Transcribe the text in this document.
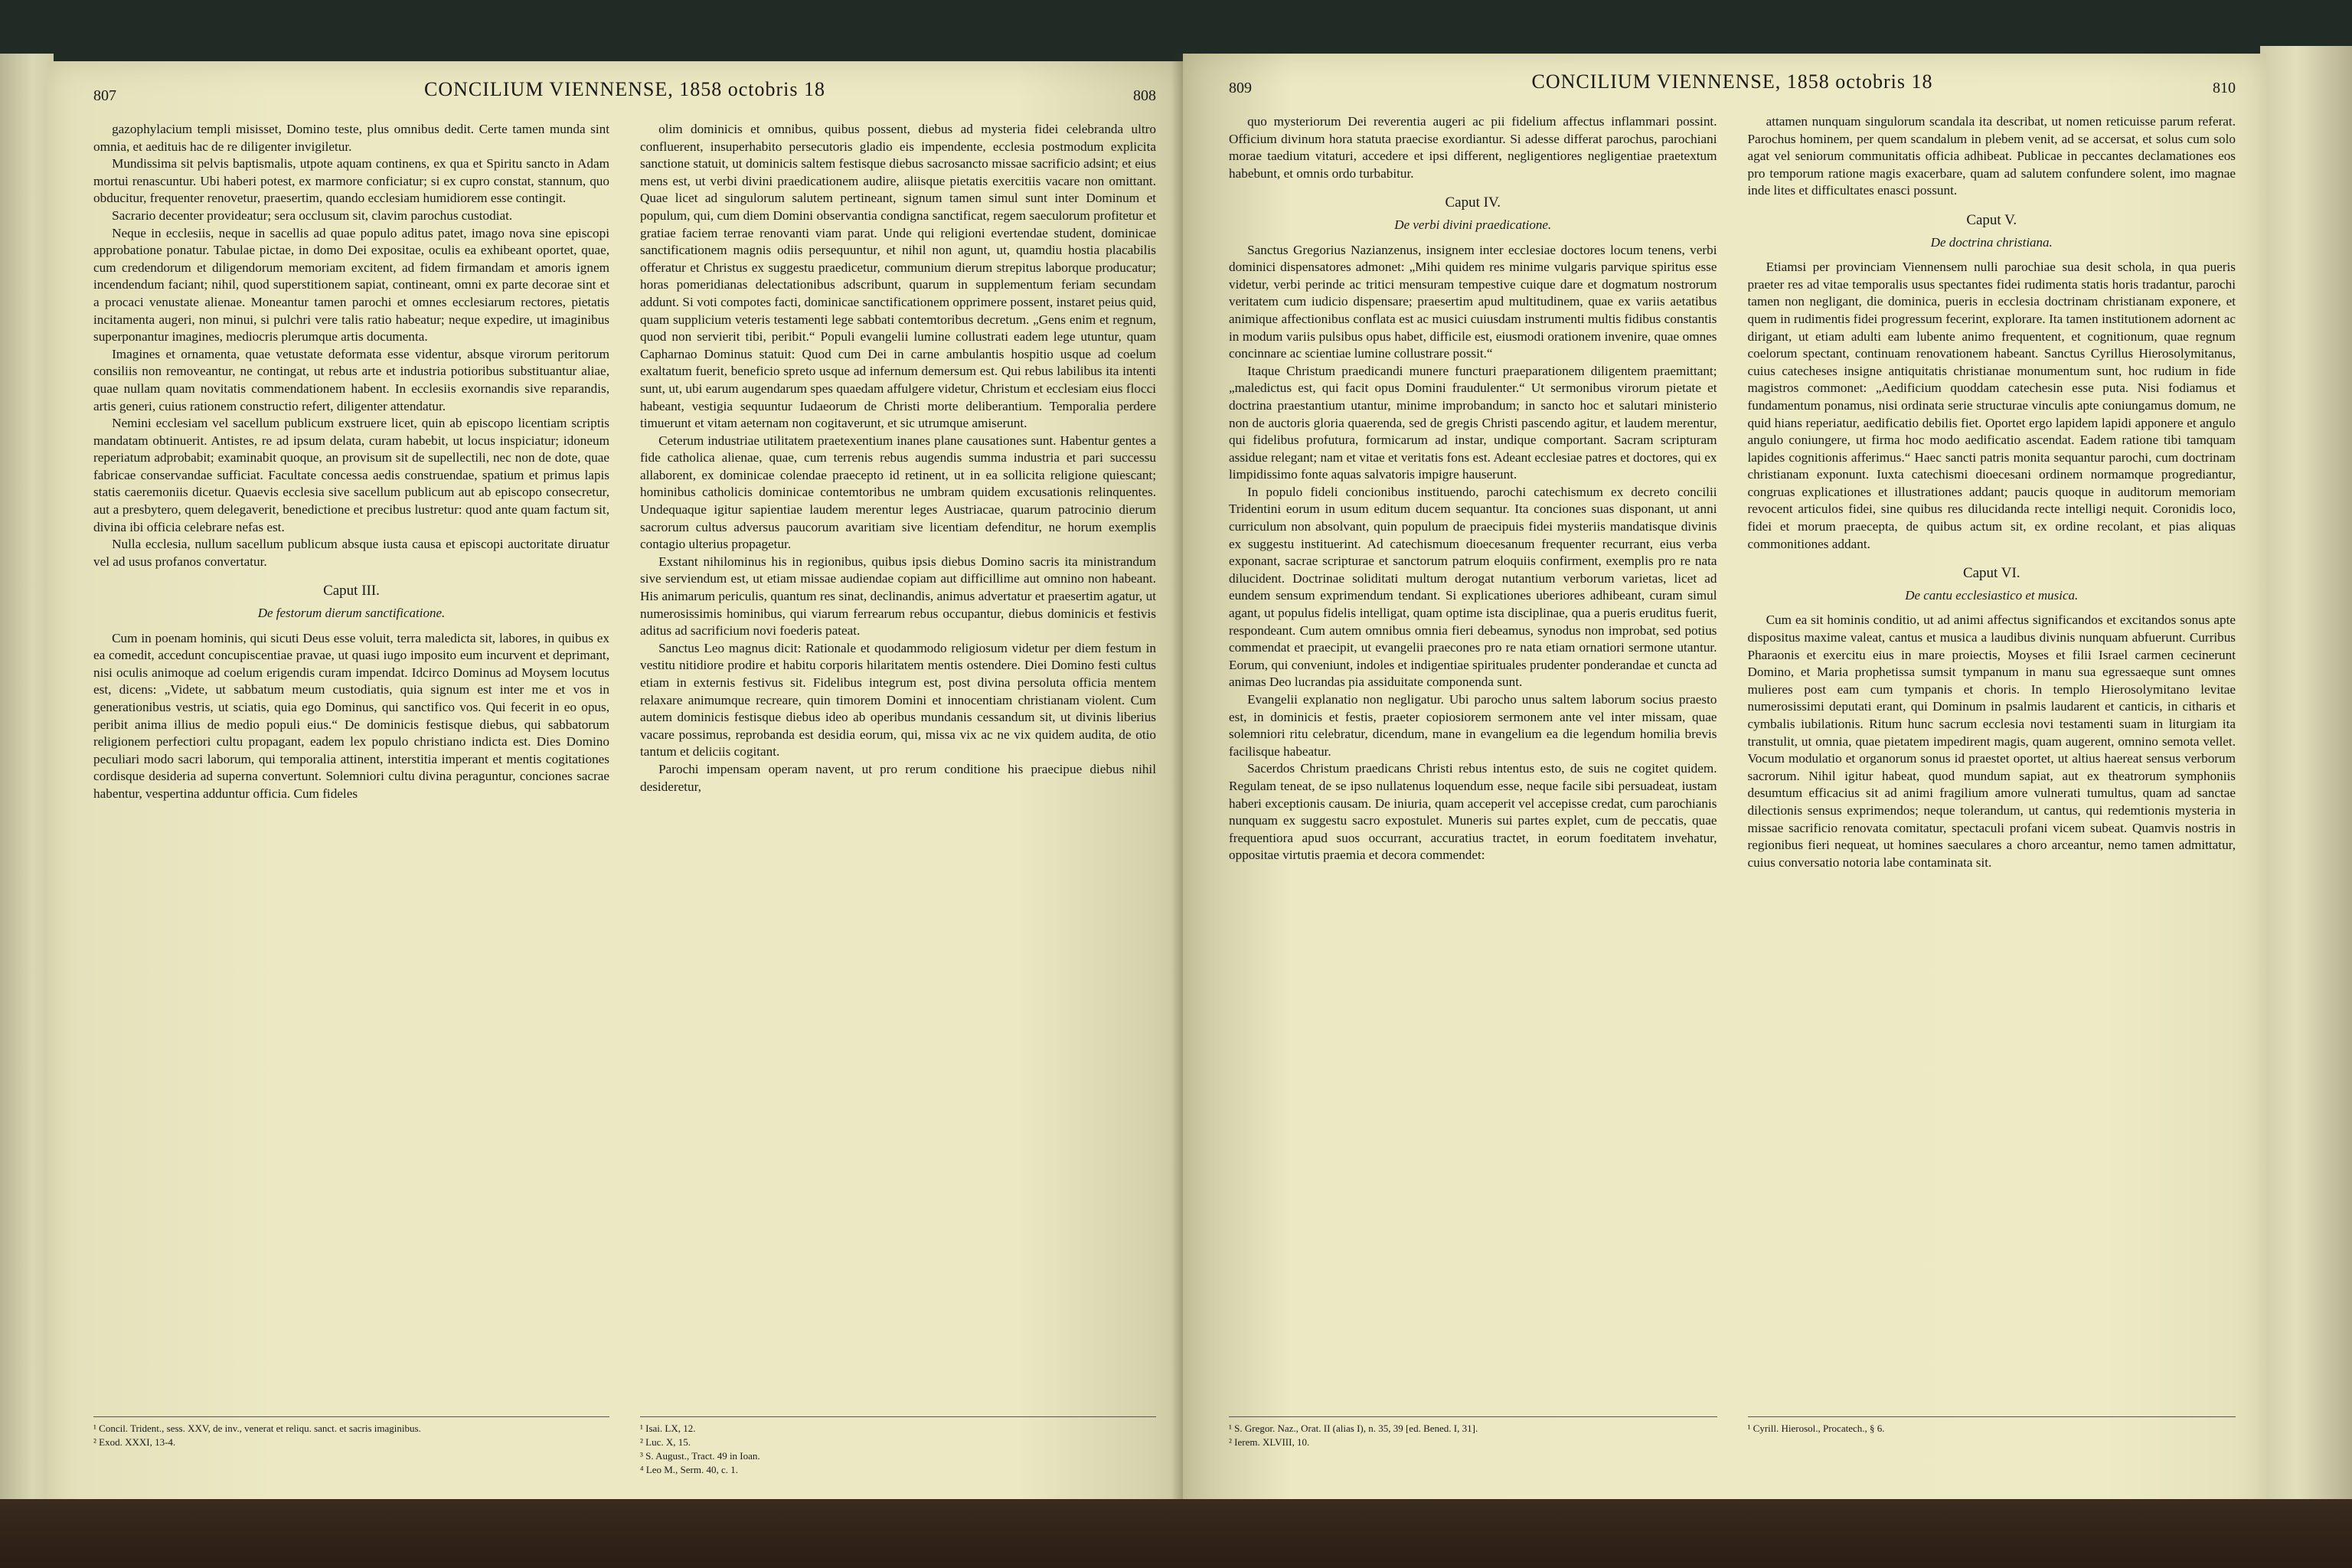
807	CONCILIUM VIENNENSE, 1858 octobris 18	808

gazophylacium templi misisset, Domino teste, plus omnibus dedit. Certe tamen munda sint omnia, et aedituis hac de re diligenter invigiletur.

Mundissima sit pelvis baptismalis, utpote aquam continens, ex qua et Spiritu sancto in Adam mortui renascuntur. Ubi haberi potest, ex marmore conficiatur; si ex cupro constat, stannum, quo obducitur, frequenter renovetur, praesertim, quando ecclesiam humidiorem esse contingit.

Sacrario decenter provideatur; sera occlusum sit, clavim parochus custodiat.

Neque in ecclesiis, neque in sacellis ad quae populo aditus patet, imago nova sine episcopi approbatione ponatur. Tabulae pictae, in domo Dei expositae, oculis ea exhibeant oportet, quae, cum credendorum et diligendorum memoriam excitent, ad fidem firmandam et amoris ignem incendendum faciant; nihil, quod superstitionem sapiat, contineant, omni ex parte decorae sint et a procaci venustate alienae. Moneantur tamen parochi et omnes ecclesiarum rectores, pietatis incitamenta augeri, non minui, si pulchri vere talis ratio habeatur; neque expedire, ut imaginibus superponantur imagines, mediocris plerumque artis documenta.

Imagines et ornamenta, quae vetustate deformata esse videntur, absque virorum peritorum consiliis non removeantur, ne contingat, ut rebus arte et industria potioribus substituantur aliae, quae nullam quam novitatis commendationem habent. In ecclesiis exornandis sive reparandis, artis generi, cuius rationem constructio refert, diligenter attendatur.

Nemini ecclesiam vel sacellum publicum exstruere licet, quin ab episcopo licentiam scriptis mandatam obtinuerit. Antistes, re ad ipsum delata, curam habebit, ut locus inspiciatur; idoneum reperiatum adprobabit; examinabit quoque, an provisum sit de supellectili, nec non de dote, quae fabricae conservandae sufficiat. Facultate concessa aedis construendae, spatium et primus lapis statis caeremoniis dicetur. Quaevis ecclesia sive sacellum publicum aut ab episcopo consecretur, aut a presbytero, quem delegaverit, benedictione et precibus lustretur: quod ante quam factum sit, divina ibi officia celebrare nefas est.

Nulla ecclesia, nullum sacellum publicum absque iusta causa et episcopi auctoritate diruatur vel ad usus profanos convertatur.

Caput III.
De festorum dierum sanctificatione.

Cum in poenam hominis, qui sicuti Deus esse voluit, terra maledicta sit, labores, in quibus ex ea comedit, accedunt concupiscentiae pravae, ut quasi iugo imposito eum incurvent et deprimant, nisi oculis animoque ad coelum erigendis curam impendat. Idcirco Dominus ad Moysem locutus est, dicens: „Videte, ut sabbatum meum custodiatis, quia signum est inter me et vos in generationibus vestris, ut sciatis, quia ego Dominus, qui sanctifico vos. Qui fecerit in eo opus, peribit anima illius de medio populi eius.“ De dominicis festisque diebus, qui sabbatorum religionem perfectiori cultu propagant, eadem lex populo christiano indicta est. Dies Domino peculiari modo sacri laborum, qui temporalia attinent, interstitia imperant et mentis cogitationes cordisque desideria ad superna convertunt. Solemniori cultu divina peraguntur, conciones sacrae habentur, vespertina adduntur officia. Cum fideles

olim dominicis et omnibus, quibus possent, diebus ad mysteria fidei celebranda ultro confluerent, insuperhabito persecutoris gladio eis impendente, ecclesia postmodum explicita sanctione statuit, ut dominicis saltem festisque diebus sacrosancto missae sacrificio adsint; et eius mens est, ut verbi divini praedicationem audire, aliisque pietatis exercitiis vacare non omittant. Quae licet ad singulorum salutem pertineant, signum tamen simul sunt inter Dominum et populum, qui, cum diem Domini observantia condigna sanctificat, regem saeculorum profitetur et gratiae faciem terrae renovanti viam parat. Unde qui religioni evertendae student, dominicae sanctificationem magnis odiis persequuntur, et nihil non agunt, ut, quamdiu hostia placabilis offeratur et Christus ex suggestu praedicetur, communium dierum strepitus laborque producatur; horas pomeridianas delectationibus adscribunt, quarum in supplementum feriam secundam addunt. Si voti compotes facti, dominicae sanctificationem opprimere possent, instaret peius quid, quam supplicium veteris testamenti lege sabbati contemtoribus decretum. „Gens enim et regnum, quod non servierit tibi, peribit.“ Populi evangelii lumine collustrati eadem lege utuntur, quam Capharnao Dominus statuit: Quod cum Dei in carne ambulantis hospitio usque ad coelum exaltatum fuerit, beneficio spreto usque ad infernum demersum est. Qui rebus labilibus ita intenti sunt, ut, ubi earum augendarum spes quaedam affulgere videtur, Christum et ecclesiam eius flocci habeant, vestigia sequuntur Iudaeorum de Christi morte deliberantium. Temporalia perdere timuerunt et vitam aeternam non cogitaverunt, et sic utrumque amiserunt.

Ceterum industriae utilitatem praetexentium inanes plane causationes sunt. Habentur gentes a fide catholica alienae, quae, cum terrenis rebus augendis summa industria et pari successu allaborent, ex dominicae colendae praecepto id retinent, ut in ea sollicita religione quiescant; hominibus catholicis dominicae contemtoribus ne umbram quidem excusationis relinquentes. Undequaque igitur sapientiae laudem merentur leges Austriacae, quarum patrocinio dierum sacrorum cultus adversus paucorum avaritiam sive licentiam defenditur, ne horum exemplis contagio ulterius propagetur.

Exstant nihilominus his in regionibus, quibus ipsis diebus Domino sacris ita ministrandum sive serviendum est, ut etiam missae audiendae copiam aut difficillime aut omnino non habeant. His animarum periculis, quantum res sinat, declinandis, animus advertatur et praesertim agatur, ut numerosissimis hominibus, qui viarum ferrearum rebus occupantur, diebus dominicis et festivis aditus ad sacrificium novi foederis pateat.

Sanctus Leo magnus dicit: Rationale et quodammodo religiosum videtur per diem festum in vestitu nitidiore prodire et habitu corporis hilaritatem mentis ostendere. Diei Domino festi cultus etiam in externis festivus sit. Fidelibus integrum est, post divina persoluta officia mentem relaxare animumque recreare, quin timorem Domini et innocentiam christianam violent. Cum autem dominicis festisque diebus ideo ab operibus mundanis cessandum sit, ut divinis liberius vacare possimus, reprobanda est desidia eorum, qui, missa vix ac ne vix quidem audita, de otio tantum et deliciis cogitant.

Parochi impensam operam navent, ut pro rerum conditione his praecipue diebus nihil desideretur,

¹ Concil. Trident., sess. XXV, de inv., venerat et reliqu. sanct. et sacris imaginibus.
² Exod. XXXI, 13-4.
¹ Isai. LX, 12.
² Luc. X, 15.
³ S. August., Tract. 49 in Ioan.
⁴ Leo M., Serm. 40, c. 1.
809	CONCILIUM VIENNENSE, 1858 octobris 18	810

quo mysteriorum Dei reverentia augeri ac pii fidelium affectus inflammari possint. Officium divinum hora statuta praecise exordiantur. Si adesse differat parochus, parochiani morae taedium vitaturi, accedere et ipsi different, negligentiores negligentiae praetextum habebunt, et omnis ordo turbabitur.

Caput IV.
De verbi divini praedicatione.

Sanctus Gregorius Nazianzenus, insignem inter ecclesiae doctores locum tenens, verbi dominici dispensatores admonet: „Mihi quidem res minime vulgaris parvique spiritus esse videtur, verbi perinde ac tritici mensuram tempestive cuique dare et dogmatum nostrorum veritatem cum iudicio dispensare; praesertim apud multitudinem, quae ex variis aetatibus animique affectionibus conflata est ac musici cuiusdam instrumenti multis fidibus constantis in modum variis pulsibus opus habet, difficile est, eiusmodi orationem invenire, quae omnes concinnare ac scientiae lumine collustrare possit.“

Itaque Christum praedicandi munere functuri praeparationem diligentem praemittant; „maledictus est, qui facit opus Domini fraudulenter.“ Ut sermonibus virorum pietate et doctrina praestantium utantur, minime improbandum; in sancto hoc et salutari ministerio non de auctoris gloria quaerenda, sed de gregis Christi pascendo agitur, et laudem merentur, qui fidelibus profutura, formicarum ad instar, undique comportant. Sacram scripturam assidue relegant; nam et vitae et veritatis fons est. Adeant ecclesiae patres et doctores, qui ex limpidissimo fonte aquas salvatoris impigre hauserunt.

In populo fideli concionibus instituendo, parochi catechismum ex decreto concilii Tridentini eorum in usum editum ducem sequantur. Ita conciones suas disponant, ut anni curriculum non absolvant, quin populum de praecipuis fidei mysteriis mandatisque divinis ex suggestu instituerint. Ad catechismum dioecesanum frequenter recurrant, eius verba exponant, sacrae scripturae et sanctorum patrum eloquiis confirment, exemplis pro re nata dilucident. Doctrinae soliditati multum derogat nutantium verborum varietas, licet ad eundem sensum exprimendum tendant. Si explicationes uberiores adhibeant, curam simul agant, ut populus fidelis intelligat, quam optime ista disciplinae, qua a pueris eruditus fuerit, respondeant. Cum autem omnibus omnia fieri debeamus, synodus non improbat, sed potius commendat et praecipit, ut evangelii praecones pro re nata etiam ornatiori sermone utantur. Eorum, qui conveniunt, indoles et indigentiae spirituales prudenter ponderandae et cuncta ad animas Deo lucrandas pia assiduitate componenda sunt.

Evangelii explanatio non negligatur. Ubi parocho unus saltem laborum socius praesto est, in dominicis et festis, praeter copiosiorem sermonem ante vel inter missam, quae solemniori ritu celebratur, dicendum, mane in evangelium ea die legendum homilia brevis facilisque habeatur.

Sacerdos Christum praedicans Christi rebus intentus esto, de suis ne cogitet quidem. Regulam teneat, de se ipso nullatenus loquendum esse, neque facile sibi persuadeat, iustam haberi exceptionis causam. De iniuria, quam acceperit vel accepisse credat, cum parochianis nunquam ex suggestu sacro expostulet. Muneris sui partes explet, cum de peccatis, quae frequentiora apud suos occurrant, accuratius tractet, in eorum foeditatem invehatur, oppositae virtutis praemia et decora commendet:

attamen nunquam singulorum scandala ita describat, ut nomen reticuisse parum referat. Parochus hominem, per quem scandalum in plebem venit, ad se accersat, et solus cum solo agat vel seniorum communitatis officia adhibeat. Publicae in peccantes declamationes eos pro temporum ratione magis exacerbare, quam ad salutem confundere solent, imo magnae inde lites et difficultates enasci possunt.

Caput V.
De doctrina christiana.

Etiamsi per provinciam Viennensem nulli parochiae sua desit schola, in qua pueris praeter res ad vitae temporalis usus spectantes fidei rudimenta statis horis tradantur, parochi tamen non negligant, die dominica, pueris in ecclesia doctrinam christianam exponere, et quem in rudimentis fidei progressum fecerint, explorare. Ita tamen institutionem adornent ac dirigant, ut etiam adulti eam lubente animo frequentent, et cognitionum, quae regnum coelorum spectant, continuam renovationem habeant. Sanctus Cyrillus Hierosolymitanus, cuius catecheses insigne antiquitatis christianae monumentum sunt, hoc rudium in fide magistros commonet: „Aedificium quoddam catechesin esse puta. Nisi fodiamus et fundamentum ponamus, nisi ordinata serie structurae vinculis apte coniungamus domum, ne quid hians reperiatur, aedificatio debilis fiet. Oportet ergo lapidem lapidi apponere et angulo angulo coniungere, ut firma hoc modo aedificatio ascendat. Eadem ratione tibi tamquam lapides cognitionis afferimus.“ Haec sancti patris monita sequantur parochi, cum doctrinam christianam exponunt. Iuxta catechismi dioecesani ordinem normamque progrediantur, congruas explicationes et illustrationes addant; paucis quoque in auditorum memoriam revocent articulos fidei, sine quibus res dilucidanda recte intelligi nequit. Coronidis loco, fidei et morum praecepta, de quibus actum sit, ex ordine recolant, et pias aliquas commonitiones addant.

Caput VI.
De cantu ecclesiastico et musica.

Cum ea sit hominis conditio, ut ad animi affectus significandos et excitandos sonus apte dispositus maxime valeat, cantus et musica a laudibus divinis nunquam abfuerunt. Curribus Pharaonis et exercitu eius in mare proiectis, Moyses et filii Israel carmen cecinerunt Domino, et Maria prophetissa sumsit tympanum in manu sua egressaeque sunt omnes mulieres post eam cum tympanis et choris. In templo Hierosolymitano levitae numerosissimi deputati erant, qui Dominum in psalmis laudarent et canticis, in citharis et cymbalis iubilationis. Ritum hunc sacrum ecclesia novi testamenti suam in liturgiam ita transtulit, ut omnia, quae pietatem impedirent magis, quam augerent, omnino semota vellet. Vocum modulatio et organorum sonus id praestet oportet, ut altius haereat sensus verborum sacrorum. Nihil igitur habeat, quod mundum sapiat, aut ex theatrorum symphoniis desumtum efficacius sit ad animi fragilium amore vulnerati tumultus, quam ad sanctae dilectionis sensus exprimendos; neque tolerandum, ut cantus, qui redemtionis mysteria in missae sacrificio renovata comitatur, spectaculi profani vicem subeat. Quamvis nostris in regionibus fieri nequeat, ut homines saeculares a choro arceantur, nemo tamen admittatur, cuius conversatio notoria labe contaminata sit.

¹ S. Gregor. Naz., Orat. II (alias I), n. 35, 39 [ed. Bened. I, 31].
² Ierem. XLVIII, 10.
¹ Cyrill. Hierosol., Procatech., § 6.
